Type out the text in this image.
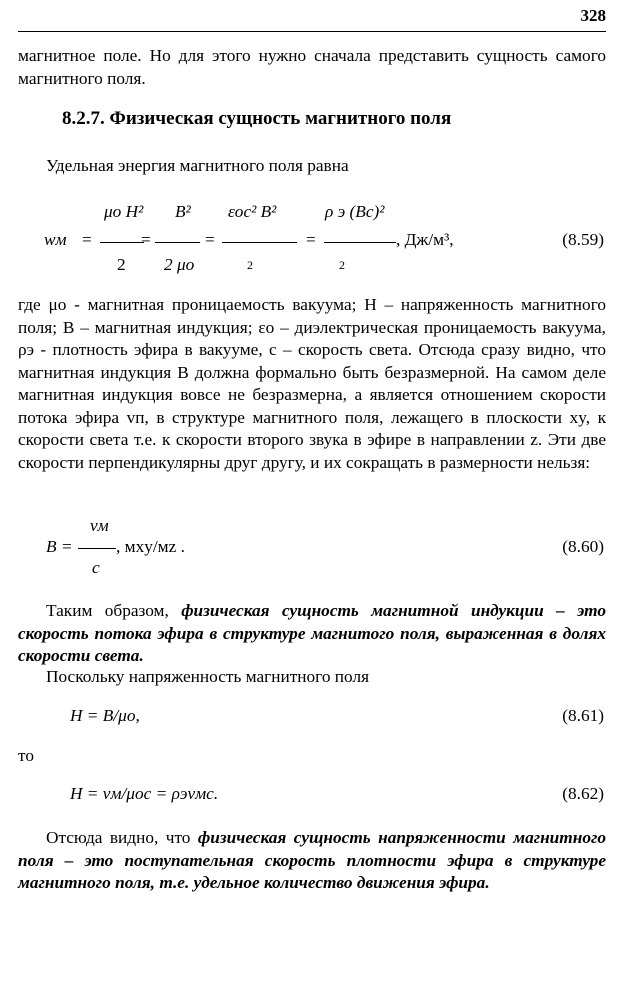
328
магнитное поле. Но для этого нужно сначала представить сущность самого магнитного поля.
8.2.7. Физическая сущность магнитного поля
Удельная энергия магнитного поля равна
wм =
μо H²
2
=
B²
2 μо
=
εоc² B²
2
=
ρ э (Bc)²
2
, Дж/м³,	(8.59)
где μо - магнитная проницаемость вакуума; H – напряженность магнитного поля; B – магнитная индукция; εо – диэлектрическая проницаемость вакуума, ρэ - плотность эфира в вакууме, c – скорость света. Отсюда сразу видно, что магнитная индукция B должна формально быть безразмерной. На самом деле магнитная индукция вовсе не безразмерна, а является отношением скорости потока эфира vп, в структуре магнитного поля, лежащего в плоскости xy, к скорости света т.е. к скорости второго звука в эфире в направлении z. Эти две скорости перпендикулярны друг другу, и их сокращать в размерности нельзя:
vм
B =
c
, мxy/мz .	(8.60)
Таким образом, физическая сущность магнитной индукции – это скорость потока эфира в структуре магнитого поля, выраженная в долях скорости света.
Поскольку напряженность магнитного поля
H = B/μо,	(8.61)
то
H = vм/μоc = ρэvмc.	(8.62)
Отсюда видно, что физическая сущность напряженности магнитного поля – это поступательная скорость плотности эфира в структуре магнитного поля, т.е. удельное количество движения эфира.
